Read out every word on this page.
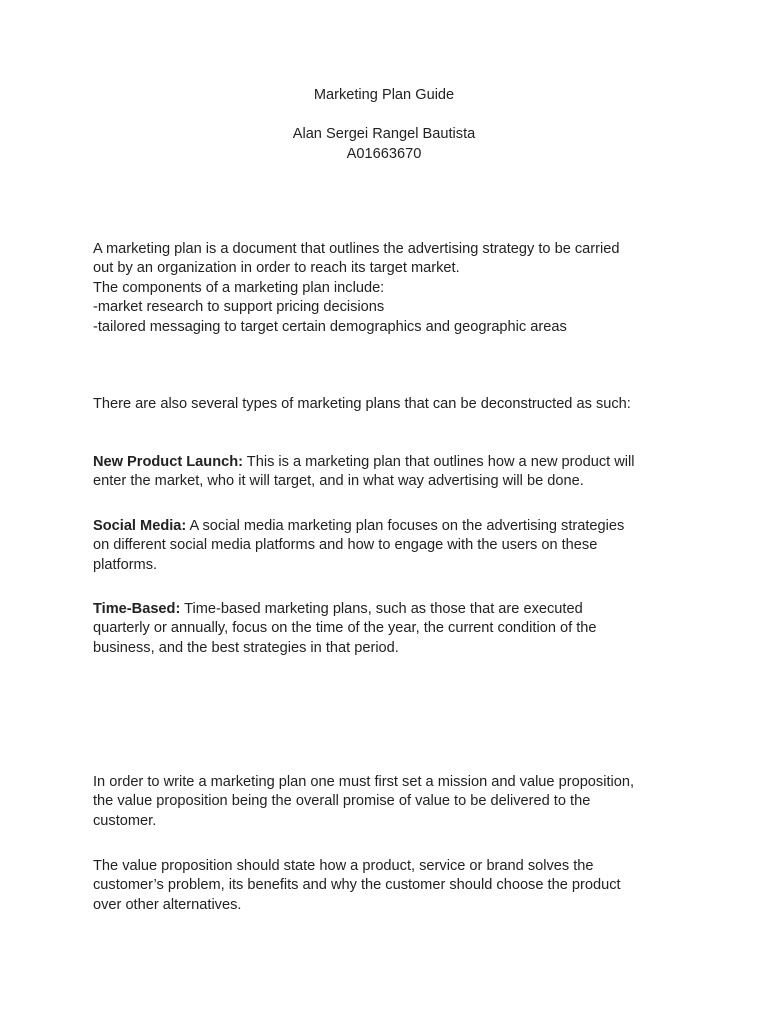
Marketing Plan Guide
Alan Sergei Rangel Bautista
A01663670

A marketing plan is a document that outlines the advertising strategy to be carried

out by an organization in order to reach its target market.

The components of a marketing plan include:

-market research to support pricing decisions

-tailored messaging to target certain demographics and geographic areas

There are also several types of marketing plans that can be deconstructed as such:

New Product Launch: This is a marketing plan that outlines how a new product will

enter the market, who it will target, and in what way advertising will be done.

Social Media: A social media marketing plan focuses on the advertising strategies

on different social media platforms and how to engage with the users on these

platforms.

Time-Based: Time-based marketing plans, such as those that are executed

quarterly or annually, focus on the time of the year, the current condition of the

business, and the best strategies in that period.

In order to write a marketing plan one must first set a mission and value proposition,

the value proposition being the overall promise of value to be delivered to the

customer.

The value proposition should state how a product, service or brand solves the

customer’s problem, its benefits and why the customer should choose the product

over other alternatives.
